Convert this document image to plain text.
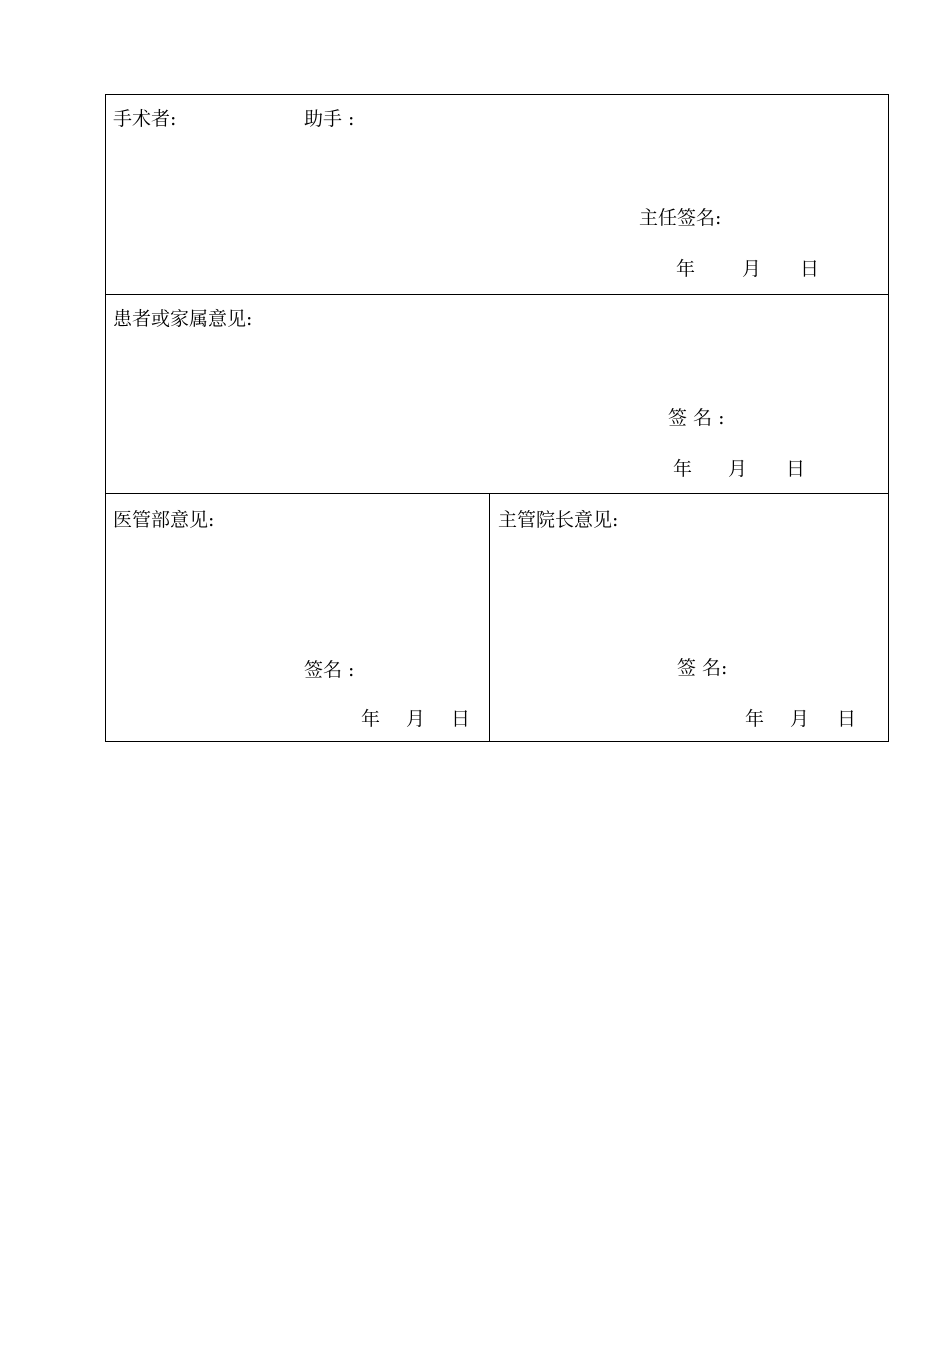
手术者:	助手 :
主任签名:
年 月 日
患者或家属意见:
签 名 :
年 月 日
医管部意见:
签名 :
年 月 日
主管院长意见:
签 名:
年 月 日
